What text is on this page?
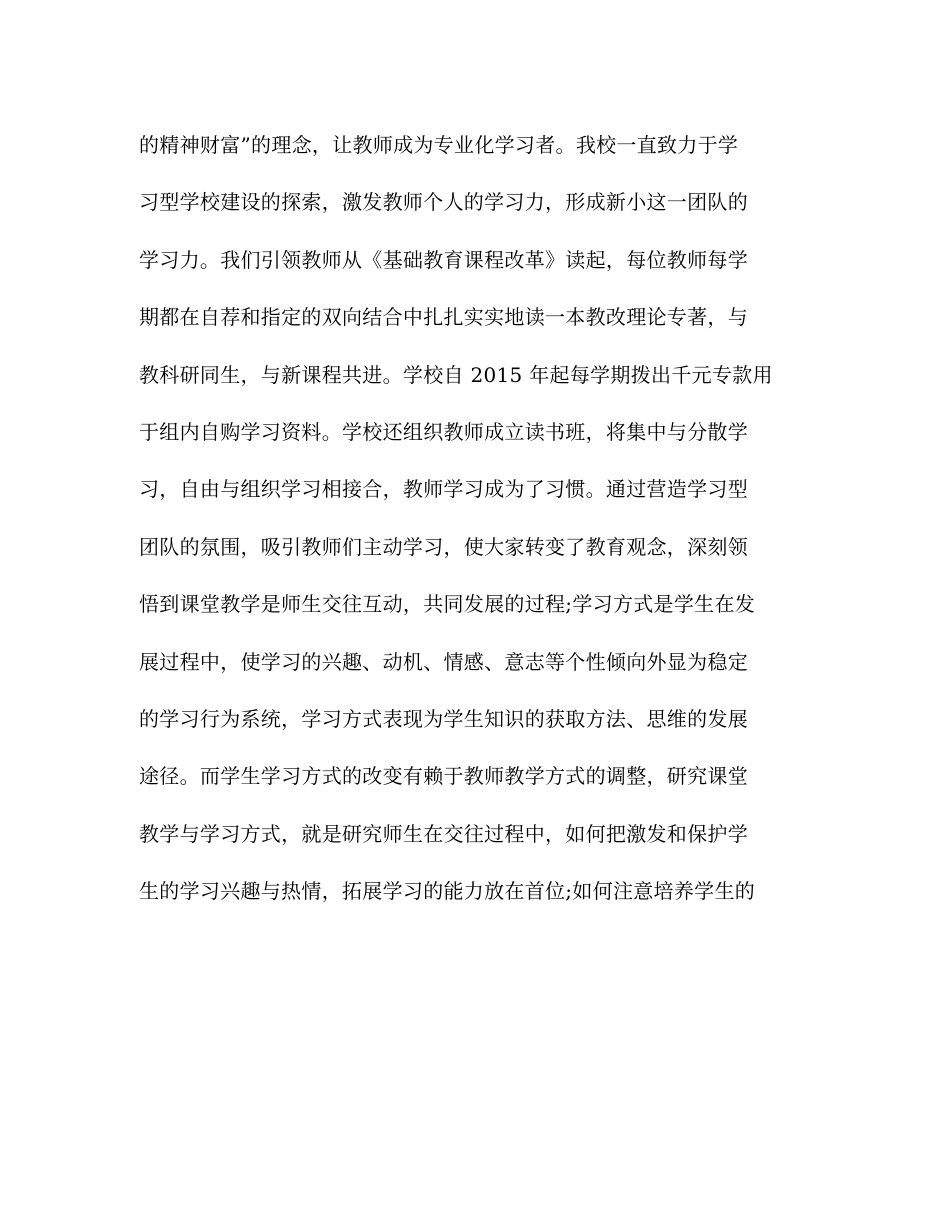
的精神财富”的理念，让教师成为专业化学习者。我校一直致力于学
习型学校建设的探索，激发教师个人的学习力，形成新小这一团队的
学习力。我们引领教师从《基础教育课程改革》读起，每位教师每学
期都在自荐和指定的双向结合中扎扎实实地读一本教改理论专著，与
教科研同生，与新课程共进。学校自 2015 年起每学期拨出千元专款用
于组内自购学习资料。学校还组织教师成立读书班，将集中与分散学
习，自由与组织学习相接合，教师学习成为了习惯。通过营造学习型
团队的氛围，吸引教师们主动学习，使大家转变了教育观念，深刻领
悟到课堂教学是师生交往互动，共同发展的过程;学习方式是学生在发
展过程中，使学习的兴趣、动机、情感、意志等个性倾向外显为稳定
的学习行为系统，学习方式表现为学生知识的获取方法、思维的发展
途径。而学生学习方式的改变有赖于教师教学方式的调整，研究课堂
教学与学习方式，就是研究师生在交往过程中，如何把激发和保护学
生的学习兴趣与热情，拓展学习的能力放在首位;如何注意培养学生的
